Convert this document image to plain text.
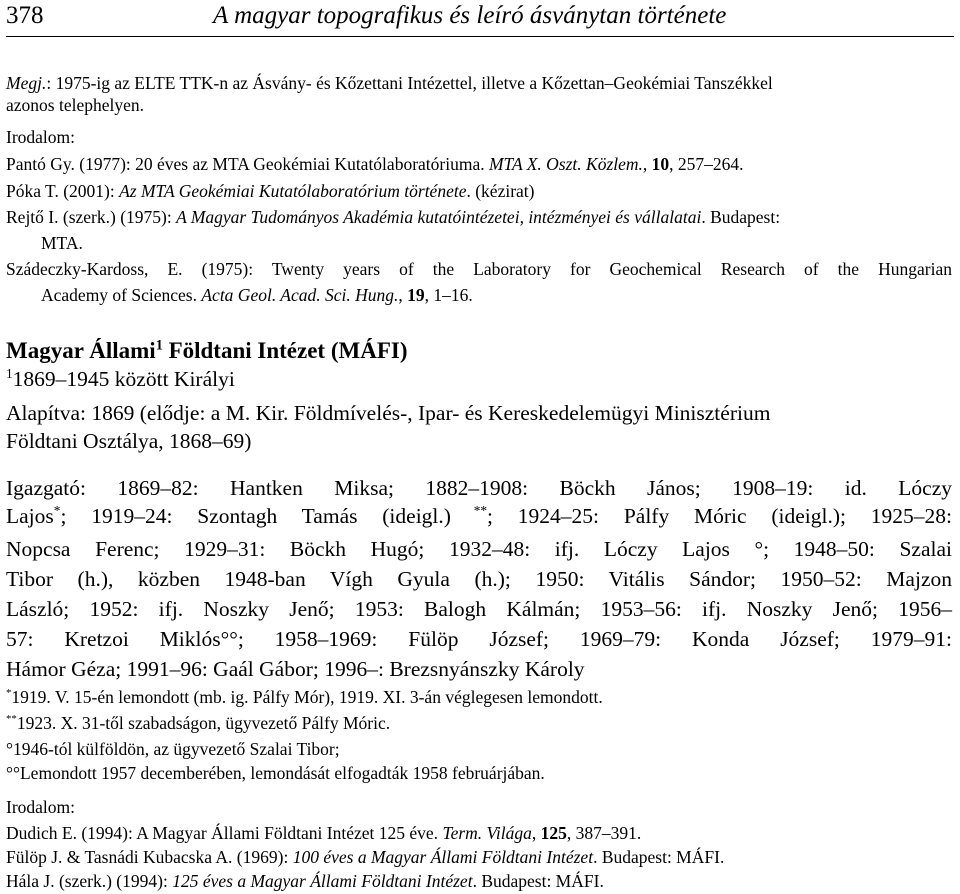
378	A magyar topografikus és leíró ásványtan története
Megj.: 1975-ig az ELTE TTK-n az Ásvány- és Kőzettani Intézettel, illetve a Kőzettan–Geokémiai Tanszékkel
azonos telephelyen.
Irodalom:
Pantó Gy. (1977): 20 éves az MTA Geokémiai Kutatólaboratóriuma. MTA X. Oszt. Közlem., 10, 257–264.
Póka T. (2001): Az MTA Geokémiai Kutatólaboratórium története. (kézirat)
Rejtő I. (szerk.) (1975): A Magyar Tudományos Akadémia kutatóintézetei, intézményei és vállalatai. Budapest:
MTA.
Szádeczky-Kardoss, E. (1975): Twenty years of the Laboratory for Geochemical Research of the Hungarian
Academy of Sciences. Acta Geol. Acad. Sci. Hung., 19, 1–16.
Magyar Állami$^1$ Földtani Intézet (MÁFI)
$^1$1869–1945 között Királyi
Alapítva: 1869 (elődje: a M. Kir. Földmívelés-, Ipar- és Kereskedelemügyi Minisztérium
Földtani Osztálya, 1868–69)
Igazgató: 1869–82: Hantken Miksa; 1882–1908: Böckh János; 1908–19: id. Lóczy
Lajos*; 1919–24: Szontagh Tamás (ideigl.) **; 1924–25: Pálfy Móric (ideigl.); 1925–28:
Nopcsa Ferenc; 1929–31: Böckh Hugó; 1932–48: ifj. Lóczy Lajos °; 1948–50: Szalai
Tibor (h.), közben 1948-ban Vígh Gyula (h.); 1950: Vitális Sándor; 1950–52: Majzon
László; 1952: ifj. Noszky Jenő; 1953: Balogh Kálmán; 1953–56: ifj. Noszky Jenő; 1956–
57: Kretzoi Miklós°°; 1958–1969: Fülöp József; 1969–79: Konda József; 1979–91:
Hámor Géza; 1991–96: Gaál Gábor; 1996–: Brezsnyánszky Károly
*1919. V. 15-én lemondott (mb. ig. Pálfy Mór), 1919. XI. 3-án véglegesen lemondott.
**1923. X. 31-től szabadságon, ügyvezető Pálfy Móric.
°1946-tól külföldön, az ügyvezető Szalai Tibor;
°°Lemondott 1957 decemberében, lemondását elfogadták 1958 februárjában.
Irodalom:
Dudich E. (1994): A Magyar Állami Földtani Intézet 125 éve. Term. Világa, 125, 387–391.
Fülöp J. & Tasnádi Kubacska A. (1969): 100 éves a Magyar Állami Földtani Intézet. Budapest: MÁFI.
Hála J. (szerk.) (1994): 125 éves a Magyar Állami Földtani Intézet. Budapest: MÁFI.
